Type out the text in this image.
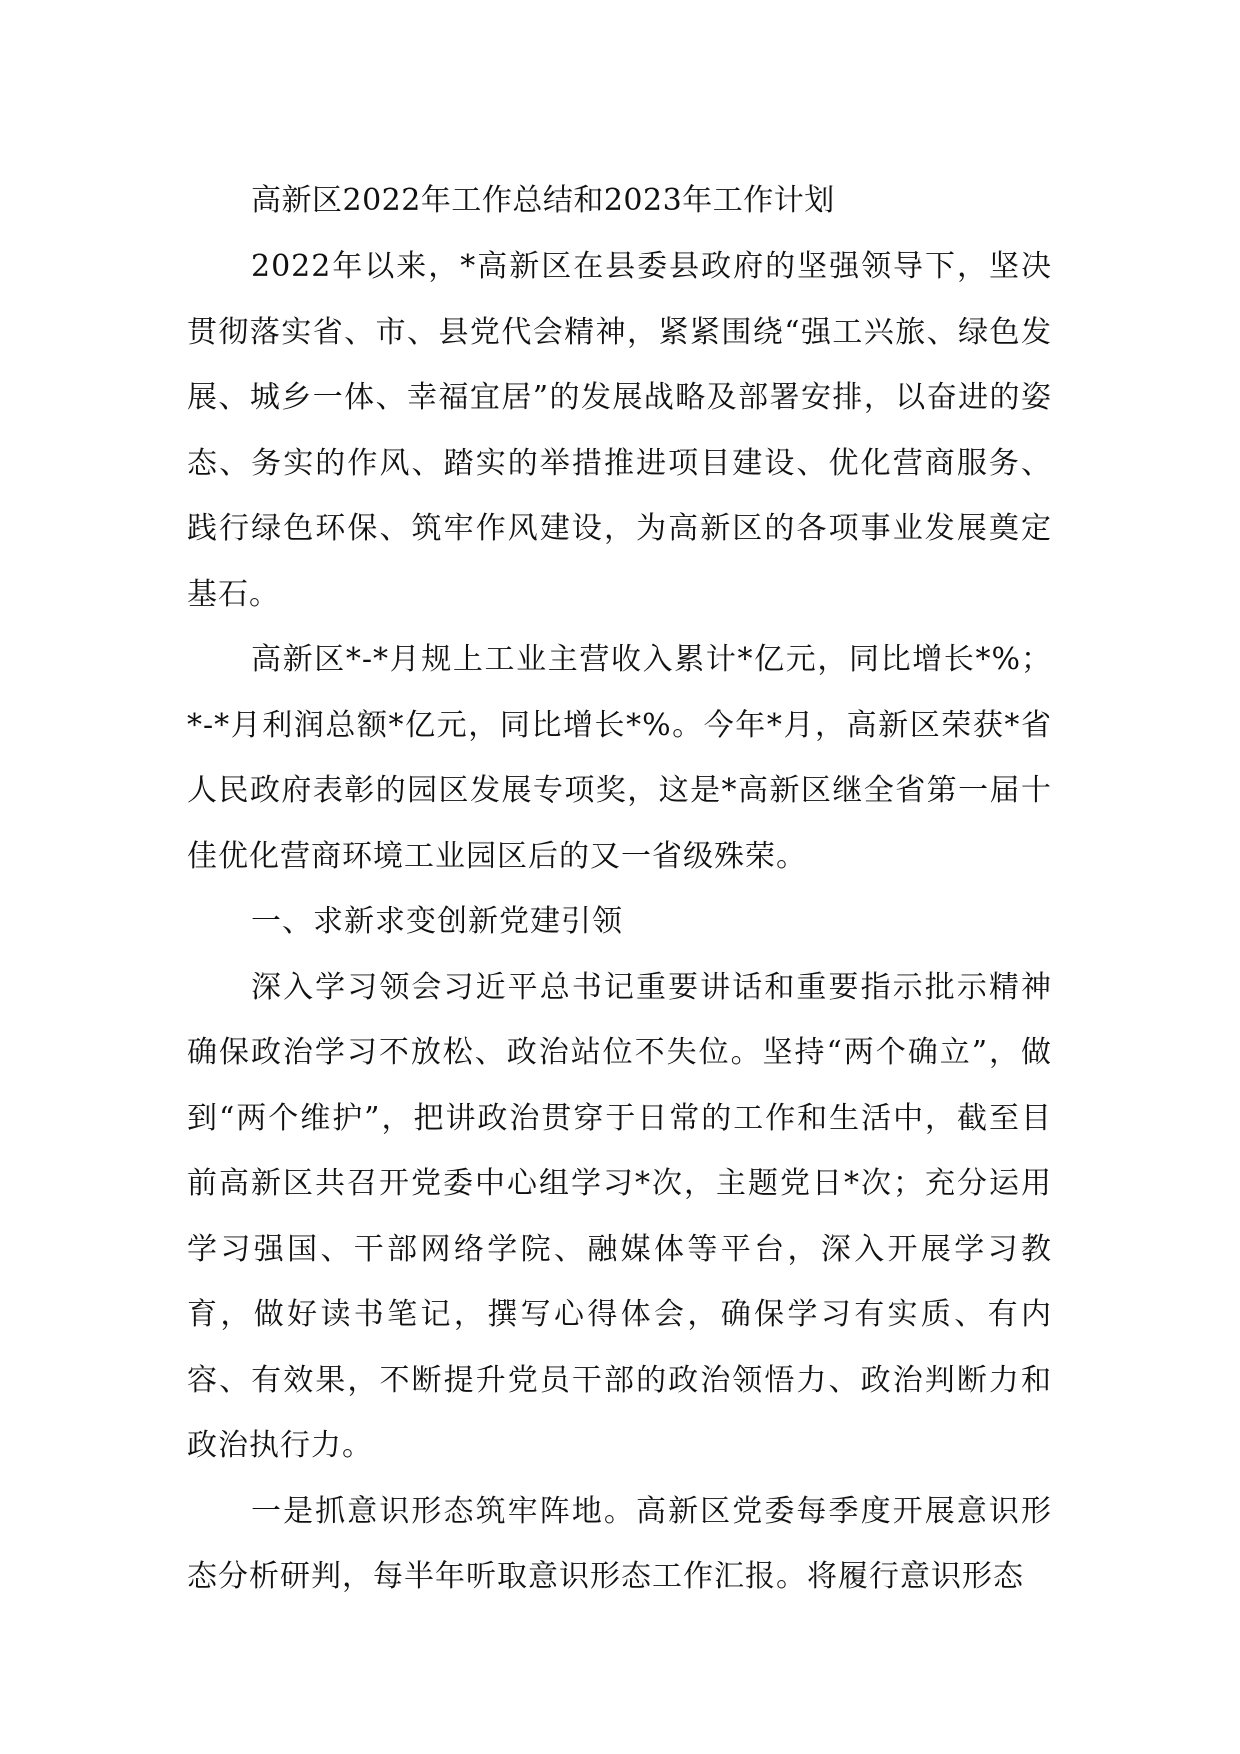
高新区2022年工作总结和2023年工作计划

2022年以来，*高新区在县委县政府的坚强领导下，坚决贯彻落实省、市、县党代会精神，紧紧围绕“强工兴旅、绿色发展、城乡一体、幸福宜居”的发展战略及部署安排，以奋进的姿态、务实的作风、踏实的举措推进项目建设、优化营商服务、践行绿色环保、筑牢作风建设，为高新区的各项事业发展奠定基石。

高新区*-*月规上工业主营收入累计*亿元，同比增长*%；*-*月利润总额*亿元，同比增长*%。今年*月，高新区荣获*省人民政府表彰的园区发展专项奖，这是*高新区继全省第一届十佳优化营商环境工业园区后的又一省级殊荣。

一、求新求变创新党建引领

深入学习领会习近平总书记重要讲话和重要指示批示精神确保政治学习不放松、政治站位不失位。坚持“两个确立”，做到“两个维护”，把讲政治贯穿于日常的工作和生活中，截至目前高新区共召开党委中心组学习*次，主题党日*次；充分运用学习强国、干部网络学院、融媒体等平台，深入开展学习教育，做好读书笔记，撰写心得体会，确保学习有实质、有内容、有效果，不断提升党员干部的政治领悟力、政治判断力和政治执行力。

一是抓意识形态筑牢阵地。高新区党委每季度开展意识形态分析研判，每半年听取意识形态工作汇报。将履行意识形态
